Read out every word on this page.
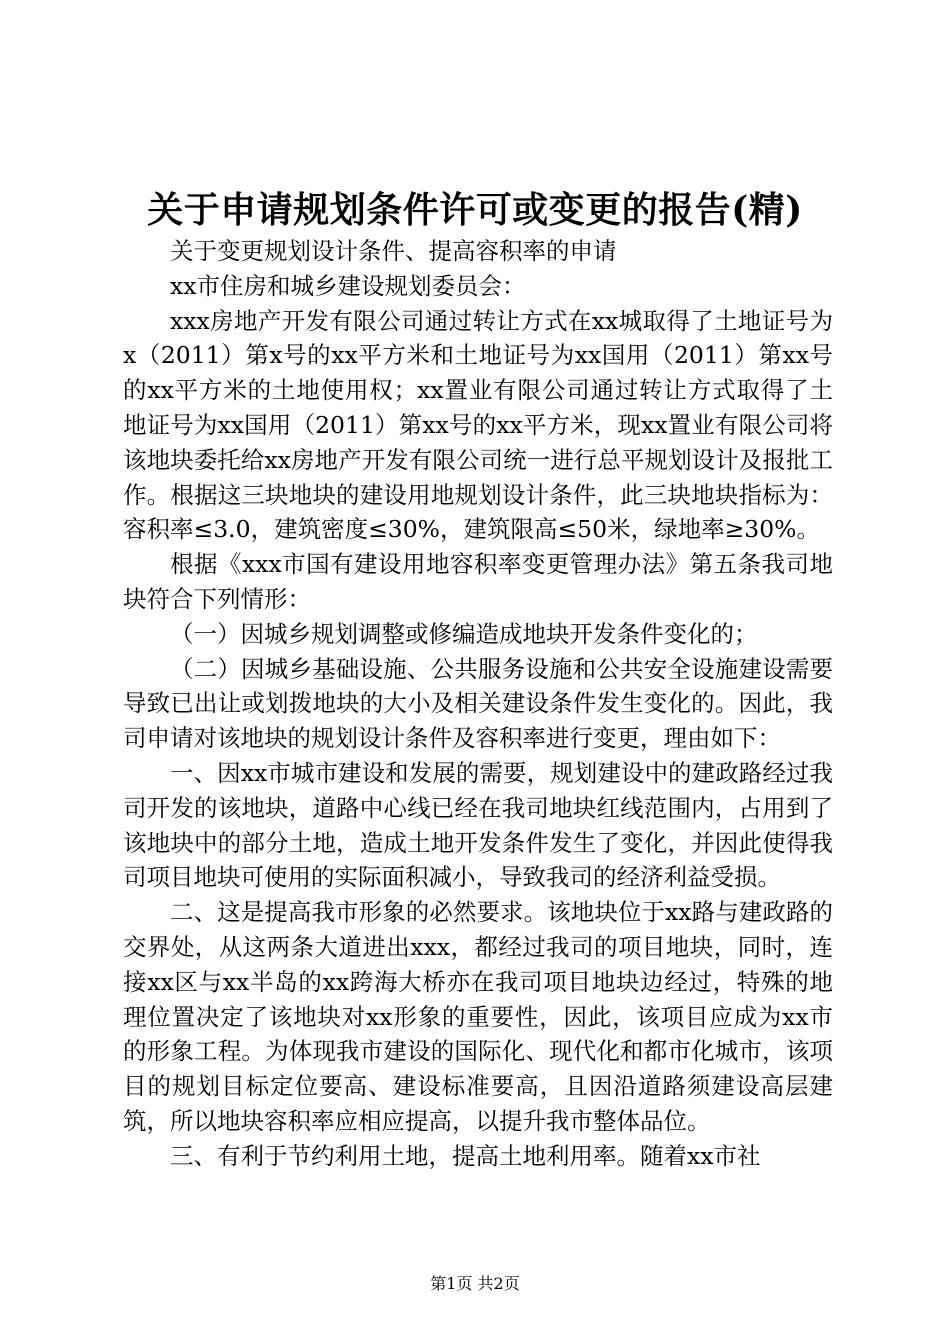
关于申请规划条件许可或变更的报告(精)

关于变更规划设计条件、提高容积率的申请

xx市住房和城乡建设规划委员会：

xxx房地产开发有限公司通过转让方式在xx城取得了土地证号为x（2011）第x号的xx平方米和土地证号为xx国用（2011）第xx号的xx平方米的土地使用权；xx置业有限公司通过转让方式取得了土地证号为xx国用（2011）第xx号的xx平方米，现xx置业有限公司将该地块委托给xx房地产开发有限公司统一进行总平规划设计及报批工作。根据这三块地块的建设用地规划设计条件，此三块地块指标为：容积率≤3.0，建筑密度≤30%，建筑限高≤50米，绿地率≥30%。

根据《xxx市国有建设用地容积率变更管理办法》第五条我司地块符合下列情形：

（一）因城乡规划调整或修编造成地块开发条件变化的；

（二）因城乡基础设施、公共服务设施和公共安全设施建设需要导致已出让或划拨地块的大小及相关建设条件发生变化的。因此，我司申请对该地块的规划设计条件及容积率进行变更，理由如下：

一、因xx市城市建设和发展的需要，规划建设中的建政路经过我司开发的该地块，道路中心线已经在我司地块红线范围内，占用到了该地块中的部分土地，造成土地开发条件发生了变化，并因此使得我司项目地块可使用的实际面积减小，导致我司的经济利益受损。

二、这是提高我市形象的必然要求。该地块位于xx路与建政路的交界处，从这两条大道进出xxx，都经过我司的项目地块，同时，连接xx区与xx半岛的xx跨海大桥亦在我司项目地块边经过，特殊的地理位置决定了该地块对xx形象的重要性，因此，该项目应成为xx市的形象工程。为体现我市建设的国际化、现代化和都市化城市，该项目的规划目标定位要高、建设标准要高，且因沿道路须建设高层建筑，所以地块容积率应相应提高，以提升我市整体品位。

三、有利于节约利用土地，提高土地利用率。随着xx市社

第1页 共2页
